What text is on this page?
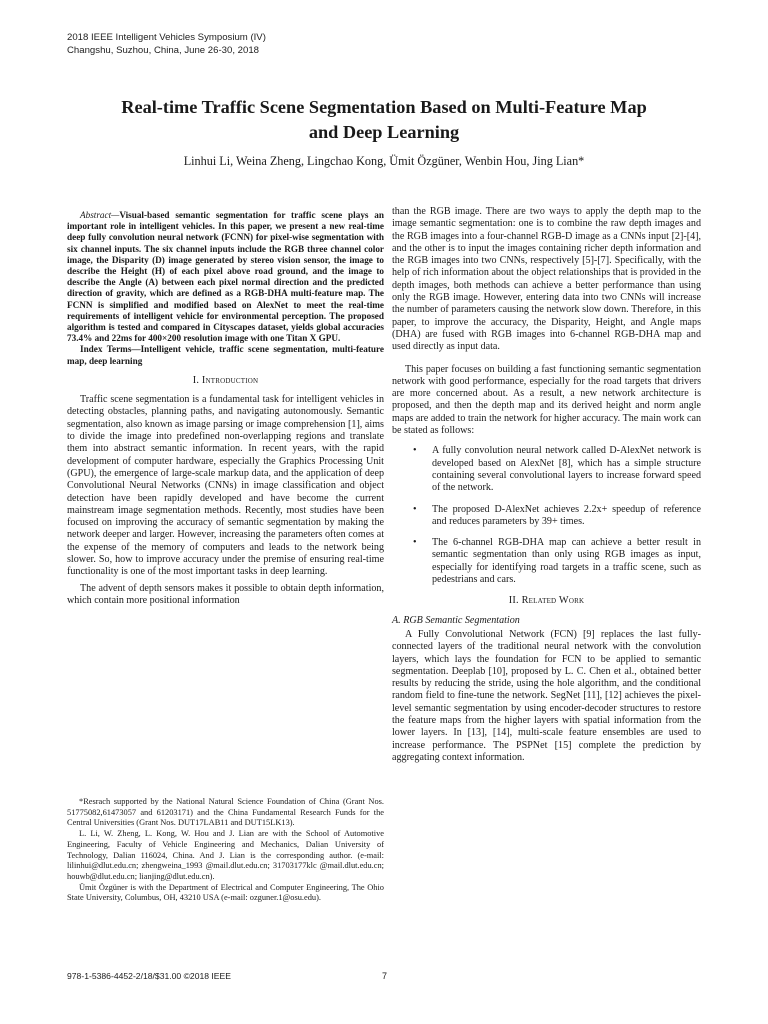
2018 IEEE Intelligent Vehicles Symposium (IV)
Changshu, Suzhou, China, June 26-30, 2018
Real-time Traffic Scene Segmentation Based on Multi-Feature Map
and Deep Learning
Linhui Li, Weina Zheng, Lingchao Kong, Ümit Özgüner, Wenbin Hou, Jing Lian*

Abstract—Visual-based semantic segmentation for traffic scene plays an important role in intelligent vehicles. In this paper, we present a new real-time deep fully convolution neural network (FCNN) for pixel-wise segmentation with six channel inputs. The six channel inputs include the RGB three channel color image, the Disparity (D) image generated by stereo vision sensor, the image to describe the Height (H) of each pixel above road ground, and the image to describe the Angle (A) between each pixel normal direction and the predicted direction of gravity, which are defined as a RGB-DHA multi-feature map. The FCNN is simplified and modified based on AlexNet to meet the real-time requirements of intelligent vehicle for environmental perception. The proposed algorithm is tested and compared in Cityscapes dataset, yields global accuracies 73.4% and 22ms for 400×200 resolution image with one Titan X GPU.

Index Terms—Intelligent vehicle, traffic scene segmentation, multi-feature map, deep learning

I. Introduction

Traffic scene segmentation is a fundamental task for intelligent vehicles in detecting obstacles, planning paths, and navigating autonomously. Semantic segmentation, also known as image parsing or image comprehension [1], aims to divide the image into predefined non-overlapping regions and translate them into abstract semantic information. In recent years, with the rapid development of computer hardware, especially the Graphics Processing Unit (GPU), the emergence of large-scale markup data, and the application of deep Convolutional Neural Networks (CNNs) in image classification and object detection have been rapidly developed and have become the current mainstream image segmentation methods. Recently, most studies have been focused on improving the accuracy of semantic segmentation by making the network deeper and larger. However, increasing the parameters often comes at the expense of the memory of computers and leads to the network being slower. So, how to improve accuracy under the premise of ensuring real-time functionality is one of the most important tasks in deep learning.

The advent of depth sensors makes it possible to obtain depth information, which contain more positional information

*Resrach supported by the National Natural Science Foundation of China (Grant Nos. 51775082,61473057 and 61203171) and the China Fundamental Research Funds for the Central Universities (Grant Nos. DUT17LAB11 and DUT15LK13).

L. Li, W. Zheng, L. Kong, W. Hou and J. Lian are with the School of Automotive Engineering, Faculty of Vehicle Engineering and Mechanics, Dalian University of Technology, Dalian 116024, China. And J. Lian is the corresponding author. (e-mail: lilinhui@dlut.edu.cn; zhengweina_1993 @mail.dlut.edu.cn; 31703177klc @mail.dlut.edu.cn; houwb@dlut.edu.cn; lianjing@dlut.edu.cn).

Ümit Özgüner is with the Department of Electrical and Computer Engineering, The Ohio State University, Columbus, OH, 43210 USA (e-mail: ozguner.1@osu.edu).

than the RGB image. There are two ways to apply the depth map to the image semantic segmentation: one is to combine the raw depth images and the RGB images into a four-channel RGB-D image as a CNNs input [2]-[4], and the other is to input the images containing richer depth information and the RGB images into two CNNs, respectively [5]-[7]. Specifically, with the help of rich information about the object relationships that is provided in the depth images, both methods can achieve a better performance than using only the RGB image. However, entering data into two CNNs will increase the number of parameters causing the network slow down. Therefore, in this paper, to improve the accuracy, the Disparity, Height, and Angle maps (DHA) are fused with RGB images into 6-channel RGB-DHA map and used directly as input data.

This paper focuses on building a fast functioning semantic segmentation network with good performance, especially for the road targets that drivers are more concerned about. As a result, a new network architecture is proposed, and then the depth map and its derived height and norm angle maps are added to train the network for higher accuracy. The main work can be stated as follows:

• A fully convolution neural network called D-AlexNet network is developed based on AlexNet [8], which has a simple structure containing several convolutional layers to increase forward speed of the network.
• The proposed D-AlexNet achieves 2.2x+ speedup of reference and reduces parameters by 39+ times.
• The 6-channel RGB-DHA map can achieve a better result in semantic segmentation than only using RGB images as input, especially for identifying road targets in a traffic scene, such as pedestrians and cars.
II. Related Work
A. RGB Semantic Segmentation

A Fully Convolutional Network (FCN) [9] replaces the last fully-connected layers of the traditional neural network with the convolution layers, which lays the foundation for FCN to be applied to semantic segmentation. Deeplab [10], proposed by L. C. Chen et al., obtained better results by reducing the stride, using the hole algorithm, and the conditional random field to fine-tune the network. SegNet [11], [12] achieves the pixel-level semantic segmentation by using encoder-decoder structures to restore the feature maps from the higher layers with spatial information from the lower layers. In [13], [14], multi-scale feature ensembles are used to increase performance. The PSPNet [15] complete the prediction by aggregating context information.

978-1-5386-4452-2/18/$31.00 ©2018 IEEE	7
